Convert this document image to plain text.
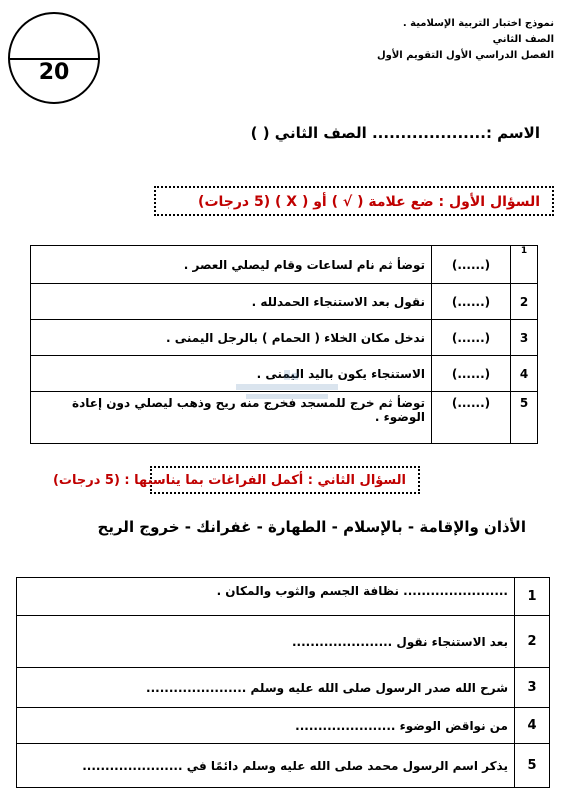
20
نموذج اختبار التربية الإسلامية .
الصف الثاني
الفصل الدراسي الأول التقويم الأول
الاسم :.................... الصف الثاني ( )
السؤال الأول : ضع علامة ( √ ) أو ( X ) (5 درجات)
1	(......)	توضأ ثم نام لساعات وقام ليصلي العصر .
2	(......)	نقول بعد الاستنجاء الحمدلله .
3	(......)	ندخل مكان الخلاء ( الحمام ) بالرجل اليمنى .
4	(......)	الاستنجاء يكون باليد اليمنى .
5	(......)	توضأ ثم خرج للمسجد فخرج منه ريح وذهب ليصلي دون إعادة الوضوء .
السؤال الثاني : أكمل الفراغات بما يناسبها : (5 درجات)
الأذان والإقامة - بالإسلام - الطهارة - غفرانك - خروج الريح
1	....................... نظافة الجسم والثوب والمكان .
2	بعد الاستنجاء نقول ......................
3	شرح الله صدر الرسول صلى الله عليه وسلم ......................
4	من نواقض الوضوء ......................
5	يذكر اسم الرسول محمد صلى الله عليه وسلم دائمًا في ......................
